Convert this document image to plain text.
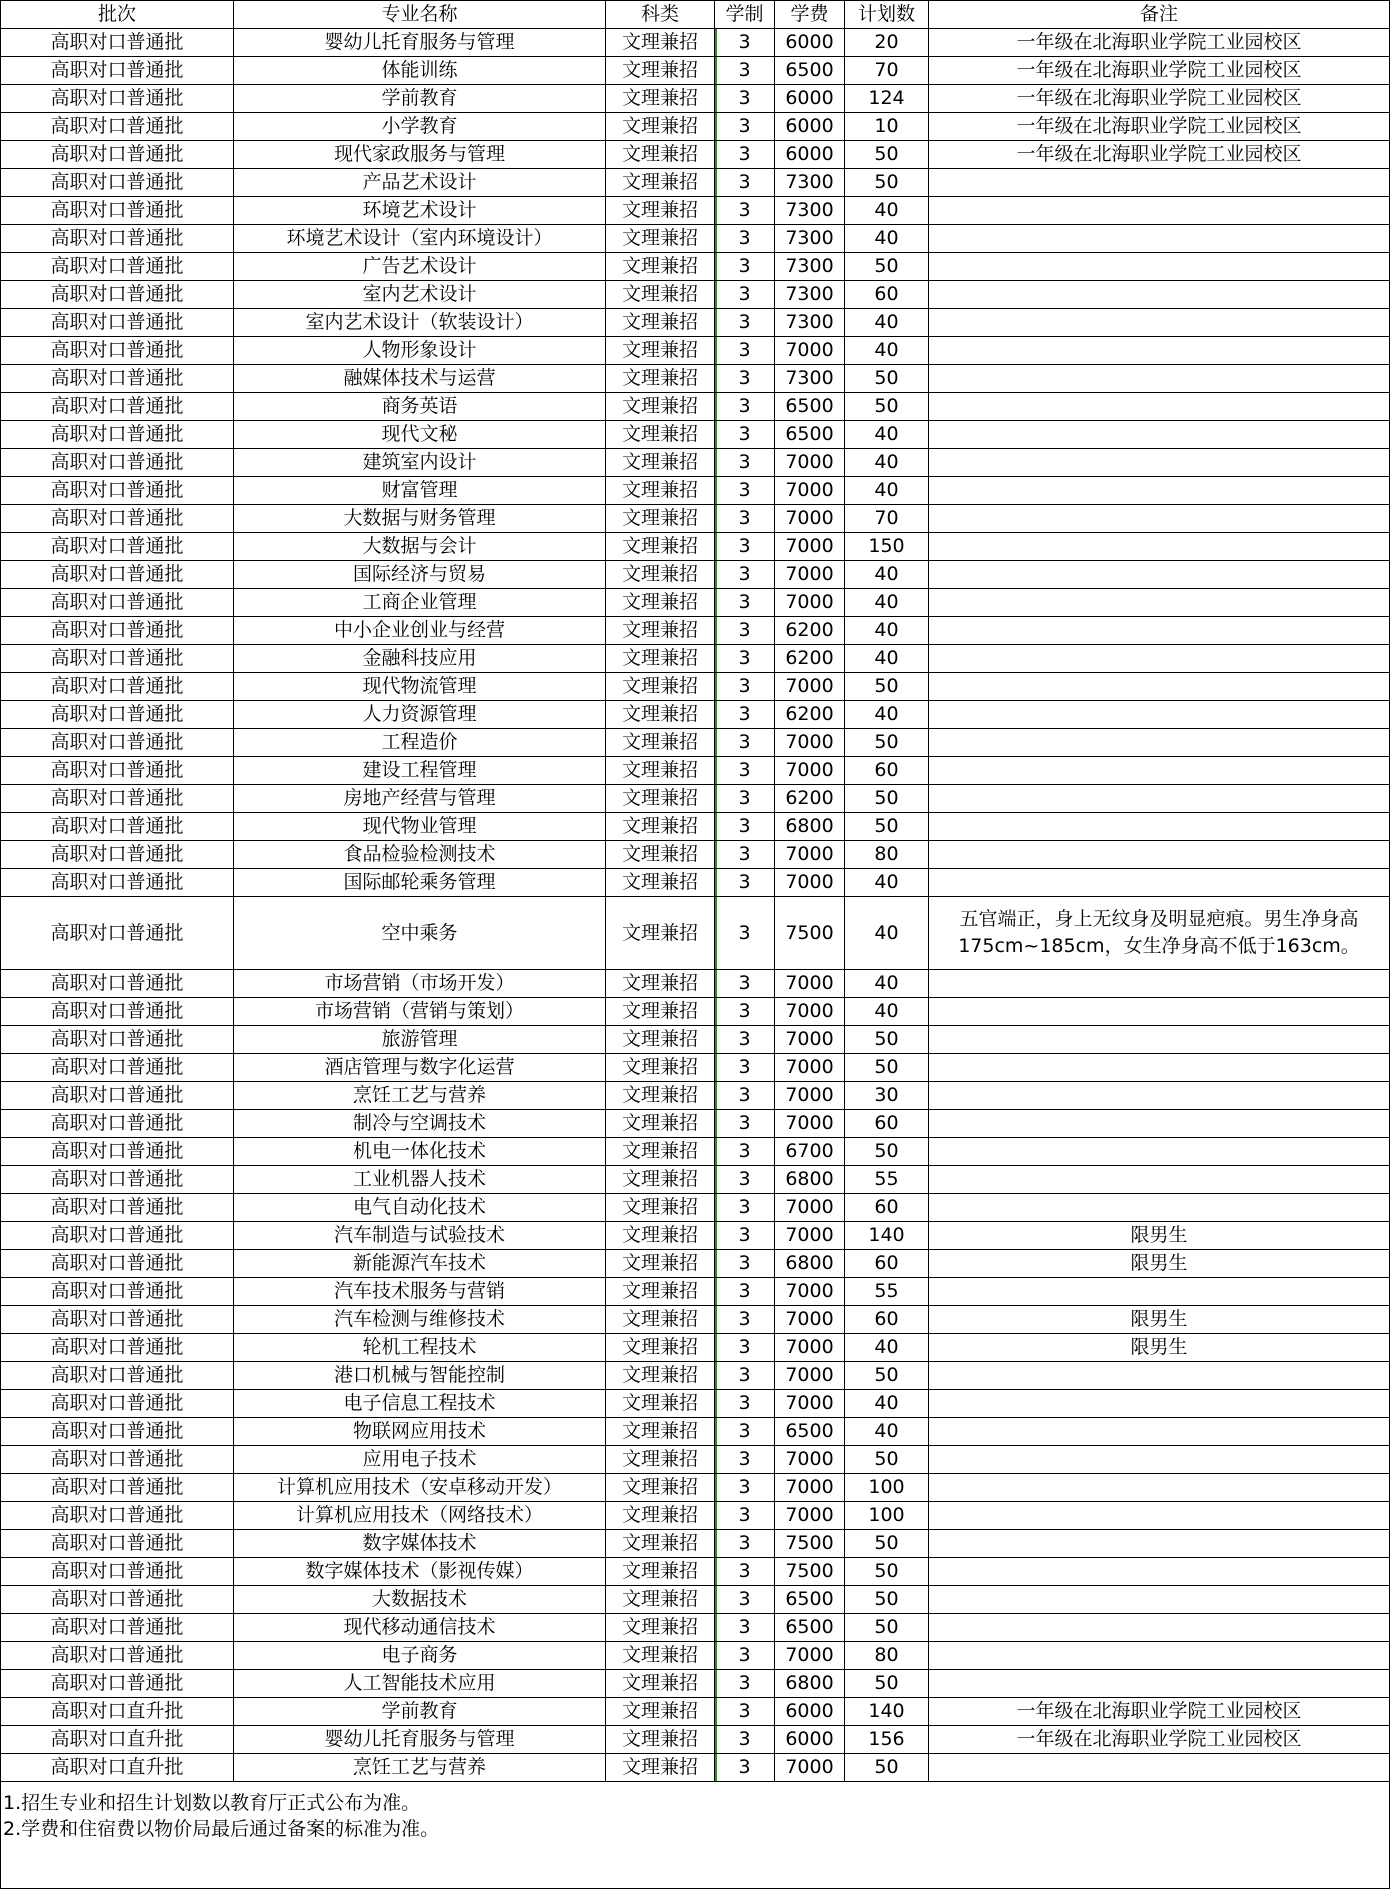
批次	专业名称	科类	学制	学费	计划数	备注
高职对口普通批	婴幼儿托育服务与管理	文理兼招	3	6000	20	一年级在北海职业学院工业园校区
高职对口普通批	体能训练	文理兼招	3	6500	70	一年级在北海职业学院工业园校区
高职对口普通批	学前教育	文理兼招	3	6000	124	一年级在北海职业学院工业园校区
高职对口普通批	小学教育	文理兼招	3	6000	10	一年级在北海职业学院工业园校区
高职对口普通批	现代家政服务与管理	文理兼招	3	6000	50	一年级在北海职业学院工业园校区
高职对口普通批	产品艺术设计	文理兼招	3	7300	50	
高职对口普通批	环境艺术设计	文理兼招	3	7300	40	
高职对口普通批	环境艺术设计（室内环境设计）	文理兼招	3	7300	40	
高职对口普通批	广告艺术设计	文理兼招	3	7300	50	
高职对口普通批	室内艺术设计	文理兼招	3	7300	60	
高职对口普通批	室内艺术设计（软装设计）	文理兼招	3	7300	40	
高职对口普通批	人物形象设计	文理兼招	3	7000	40	
高职对口普通批	融媒体技术与运营	文理兼招	3	7300	50	
高职对口普通批	商务英语	文理兼招	3	6500	50	
高职对口普通批	现代文秘	文理兼招	3	6500	40	
高职对口普通批	建筑室内设计	文理兼招	3	7000	40	
高职对口普通批	财富管理	文理兼招	3	7000	40	
高职对口普通批	大数据与财务管理	文理兼招	3	7000	70	
高职对口普通批	大数据与会计	文理兼招	3	7000	150	
高职对口普通批	国际经济与贸易	文理兼招	3	7000	40	
高职对口普通批	工商企业管理	文理兼招	3	7000	40	
高职对口普通批	中小企业创业与经营	文理兼招	3	6200	40	
高职对口普通批	金融科技应用	文理兼招	3	6200	40	
高职对口普通批	现代物流管理	文理兼招	3	7000	50	
高职对口普通批	人力资源管理	文理兼招	3	6200	40	
高职对口普通批	工程造价	文理兼招	3	7000	50	
高职对口普通批	建设工程管理	文理兼招	3	7000	60	
高职对口普通批	房地产经营与管理	文理兼招	3	6200	50	
高职对口普通批	现代物业管理	文理兼招	3	6800	50	
高职对口普通批	食品检验检测技术	文理兼招	3	7000	80	
高职对口普通批	国际邮轮乘务管理	文理兼招	3	7000	40	
高职对口普通批	空中乘务	文理兼招	3	7500	40	五官端正，身上无纹身及明显疤痕。男生净身高175cm~185cm，女生净身高不低于163cm。
高职对口普通批	市场营销（市场开发）	文理兼招	3	7000	40	
高职对口普通批	市场营销（营销与策划）	文理兼招	3	7000	40	
高职对口普通批	旅游管理	文理兼招	3	7000	50	
高职对口普通批	酒店管理与数字化运营	文理兼招	3	7000	50	
高职对口普通批	烹饪工艺与营养	文理兼招	3	7000	30	
高职对口普通批	制冷与空调技术	文理兼招	3	7000	60	
高职对口普通批	机电一体化技术	文理兼招	3	6700	50	
高职对口普通批	工业机器人技术	文理兼招	3	6800	55	
高职对口普通批	电气自动化技术	文理兼招	3	7000	60	
高职对口普通批	汽车制造与试验技术	文理兼招	3	7000	140	限男生
高职对口普通批	新能源汽车技术	文理兼招	3	6800	60	限男生
高职对口普通批	汽车技术服务与营销	文理兼招	3	7000	55	
高职对口普通批	汽车检测与维修技术	文理兼招	3	7000	60	限男生
高职对口普通批	轮机工程技术	文理兼招	3	7000	40	限男生
高职对口普通批	港口机械与智能控制	文理兼招	3	7000	50	
高职对口普通批	电子信息工程技术	文理兼招	3	7000	40	
高职对口普通批	物联网应用技术	文理兼招	3	6500	40	
高职对口普通批	应用电子技术	文理兼招	3	7000	50	
高职对口普通批	计算机应用技术（安卓移动开发）	文理兼招	3	7000	100	
高职对口普通批	计算机应用技术（网络技术）	文理兼招	3	7000	100	
高职对口普通批	数字媒体技术	文理兼招	3	7500	50	
高职对口普通批	数字媒体技术（影视传媒）	文理兼招	3	7500	50	
高职对口普通批	大数据技术	文理兼招	3	6500	50	
高职对口普通批	现代移动通信技术	文理兼招	3	6500	50	
高职对口普通批	电子商务	文理兼招	3	7000	80	
高职对口普通批	人工智能技术应用	文理兼招	3	6800	50	
高职对口直升批	学前教育	文理兼招	3	6000	140	一年级在北海职业学院工业园校区
高职对口直升批	婴幼儿托育服务与管理	文理兼招	3	6000	156	一年级在北海职业学院工业园校区
高职对口直升批	烹饪工艺与营养	文理兼招	3	7000	50	

1.招生专业和招生计划数以教育厅正式公布为准。
2.学费和住宿费以物价局最后通过备案的标准为准。						
